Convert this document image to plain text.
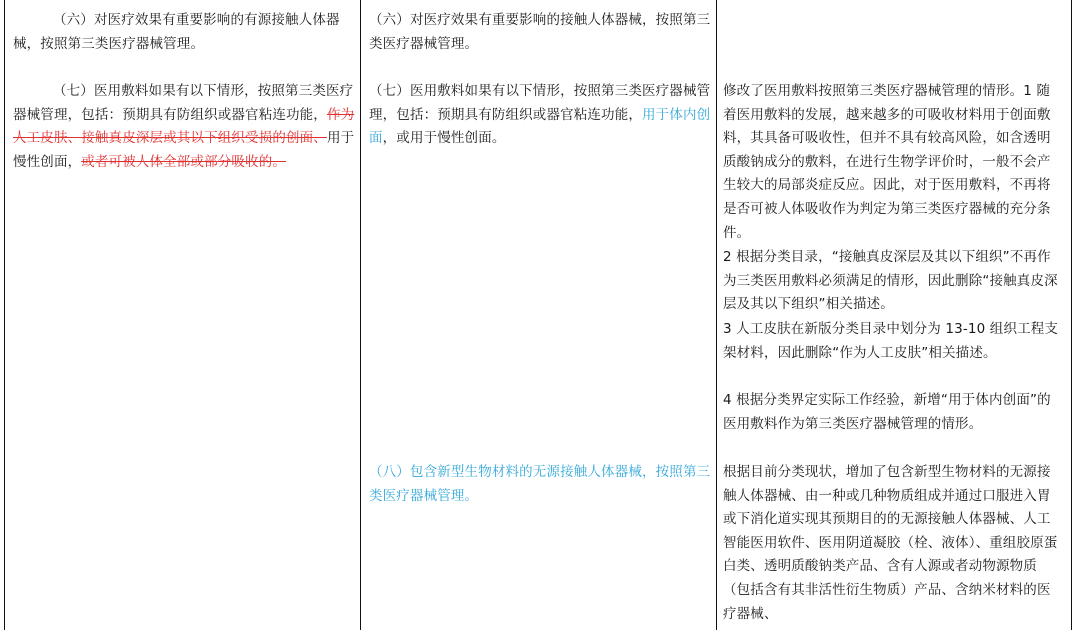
（六）对医疗效果有重要影响的有源接触人体器械，按照第三类医疗器械管理。

（七）医用敷料如果有以下情形，按照第三类医疗器械管理，包括：预期具有防组织或器官粘连功能，作为人工皮肤、接触真皮深层或其以下组织受损的创面、用于慢性创面，或者可被人体全部或部分吸收的。

（六）对医疗效果有重要影响的接触人体器械，按照第三类医疗器械管理。

（七）医用敷料如果有以下情形，按照第三类医疗器械管理，包括：预期具有防组织或器官粘连功能，用于体内创面，或用于慢性创面。

（八）包含新型生物材料的无源接触人体器械，按照第三类医疗器械管理。

修改了医用敷料按照第三类医疗器械管理的情形。1 随着医用敷料的发展，越来越多的可吸收材料用于创面敷料，其具备可吸收性，但并不具有较高风险，如含透明质酸钠成分的敷料，在进行生物学评价时，一般不会产生较大的局部炎症反应。因此，对于医用敷料，不再将是否可被人体吸收作为判定为第三类医疗器械的充分条件。

2 根据分类目录，“接触真皮深层及其以下组织”不再作为三类医用敷料必须满足的情形，因此删除“接触真皮深层及其以下组织”相关描述。

3 人工皮肤在新版分类目录中划分为 13-10 组织工程支架材料，因此删除“作为人工皮肤”相关描述。

4 根据分类界定实际工作经验，新增“用于体内创面”的医用敷料作为第三类医疗器械管理的情形。

根据目前分类现状，增加了包含新型生物材料的无源接触人体器械、由一种或几种物质组成并通过口服进入胃或下消化道实现其预期目的的无源接触人体器械、人工智能医用软件、医用阴道凝胶（栓、液体）、重组胶原蛋白类、透明质酸钠类产品、含有人源或者动物源物质（包括含有其非活性衍生物质）产品、含纳米材料的医疗器械、
